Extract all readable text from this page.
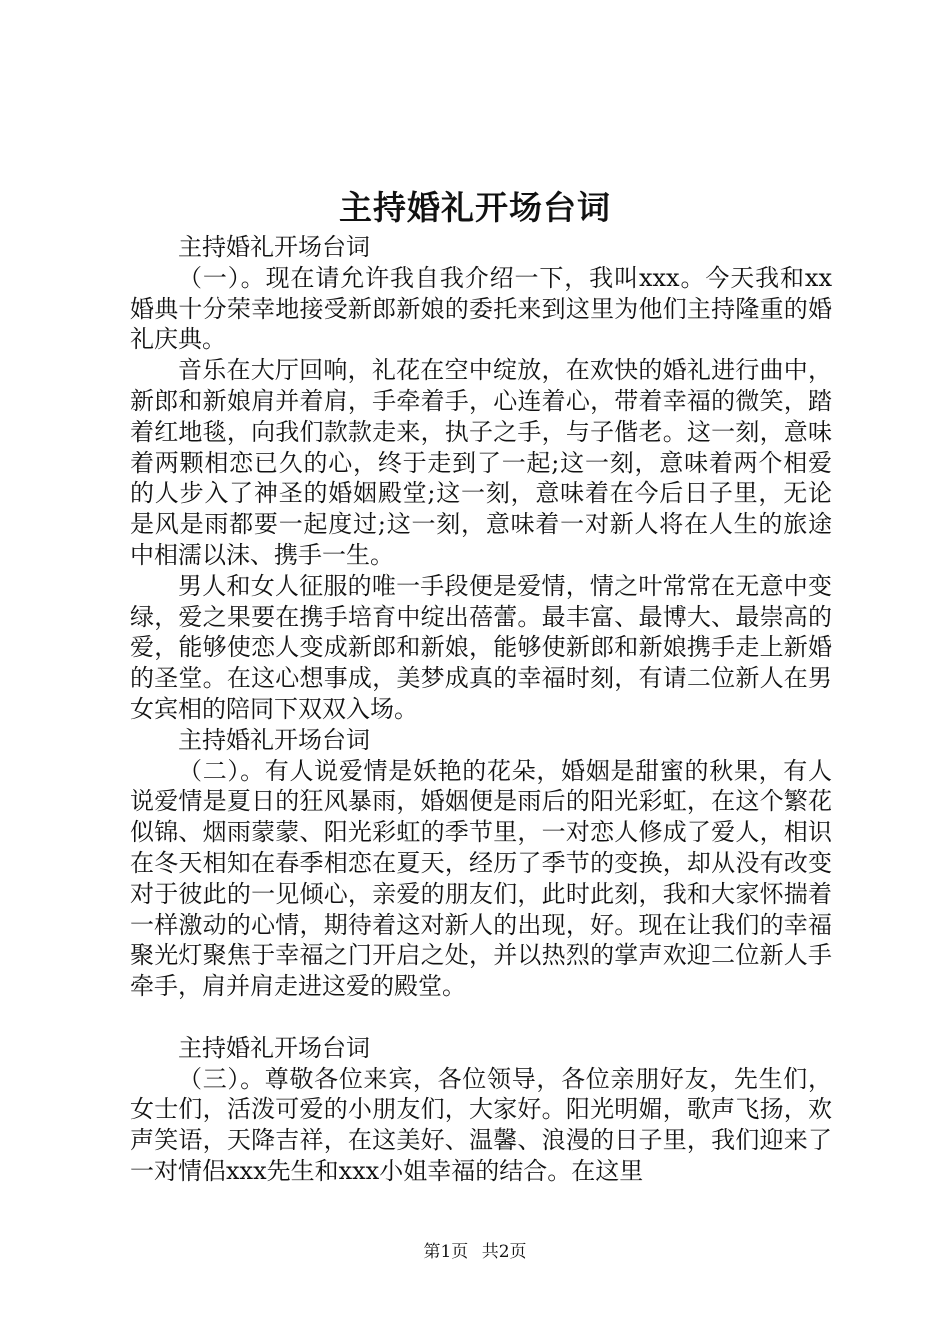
主持婚礼开场台词

主持婚礼开场台词

（一）。现在请允许我自我介绍一下，我叫xxx。今天我和xx婚典十分荣幸地接受新郎新娘的委托来到这里为他们主持隆重的婚礼庆典。

音乐在大厅回响，礼花在空中绽放，在欢快的婚礼进行曲中，新郎和新娘肩并着肩，手牵着手，心连着心，带着幸福的微笑，踏着红地毯，向我们款款走来，执子之手，与子偕老。这一刻，意味着两颗相恋已久的心，终于走到了一起;这一刻，意味着两个相爱的人步入了神圣的婚姻殿堂;这一刻，意味着在今后日子里，无论是风是雨都要一起度过;这一刻，意味着一对新人将在人生的旅途中相濡以沫、携手一生。

男人和女人征服的唯一手段便是爱情，情之叶常常在无意中变绿，爱之果要在携手培育中绽出蓓蕾。最丰富、最博大、最崇高的爱，能够使恋人变成新郎和新娘，能够使新郎和新娘携手走上新婚的圣堂。在这心想事成，美梦成真的幸福时刻，有请二位新人在男女宾相的陪同下双双入场。

主持婚礼开场台词

（二）。有人说爱情是妖艳的花朵，婚姻是甜蜜的秋果，有人说爱情是夏日的狂风暴雨，婚姻便是雨后的阳光彩虹，在这个繁花似锦、烟雨蒙蒙、阳光彩虹的季节里，一对恋人修成了爱人，相识在冬天相知在春季相恋在夏天，经历了季节的变换，却从没有改变对于彼此的一见倾心，亲爱的朋友们，此时此刻，我和大家怀揣着一样激动的心情，期待着这对新人的出现，好。现在让我们的幸福聚光灯聚焦于幸福之门开启之处，并以热烈的掌声欢迎二位新人手牵手，肩并肩走进这爱的殿堂。

主持婚礼开场台词

（三）。尊敬各位来宾，各位领导，各位亲朋好友，先生们，女士们，活泼可爱的小朋友们，大家好。阳光明媚，歌声飞扬，欢声笑语，天降吉祥，在这美好、温馨、浪漫的日子里，我们迎来了一对情侣xxx先生和xxx小姐幸福的结合。在这里

第1页 共2页
